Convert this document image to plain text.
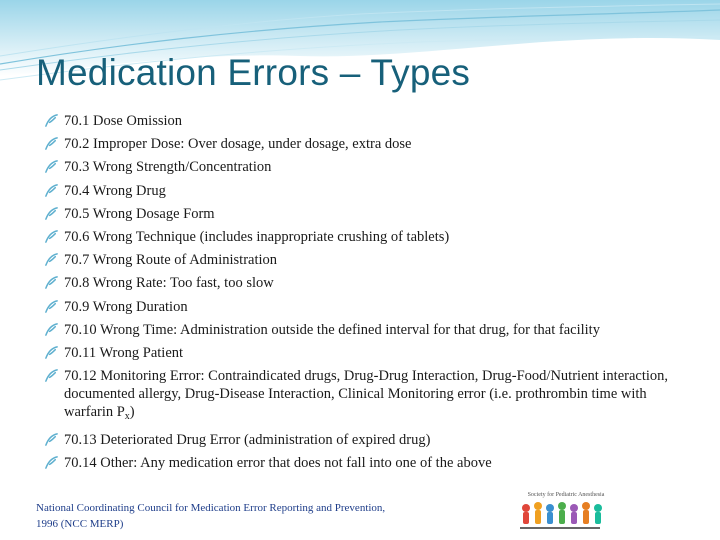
Medication Errors – Types
70.1 Dose Omission
70.2 Improper Dose: Over dosage, under dosage, extra dose
70.3 Wrong Strength/Concentration
70.4 Wrong Drug
70.5 Wrong Dosage Form
70.6 Wrong Technique (includes inappropriate crushing of tablets)
70.7 Wrong Route of Administration
70.8 Wrong Rate: Too fast, too slow
70.9 Wrong Duration
70.10 Wrong Time: Administration outside the defined interval for that drug, for that facility
70.11 Wrong Patient
70.12 Monitoring Error: Contraindicated drugs, Drug-Drug Interaction, Drug-Food/Nutrient interaction, documented allergy, Drug-Disease Interaction, Clinical Monitoring error (i.e. prothrombin time with warfarin $P_x$)
70.13 Deteriorated Drug Error (administration of expired drug)
70.14 Other: Any medication error that does not fall into one of the above
National Coordinating Council for Medication Error Reporting and Prevention,
1996 (NCC MERP)
Society for Pediatric Anesthesia
